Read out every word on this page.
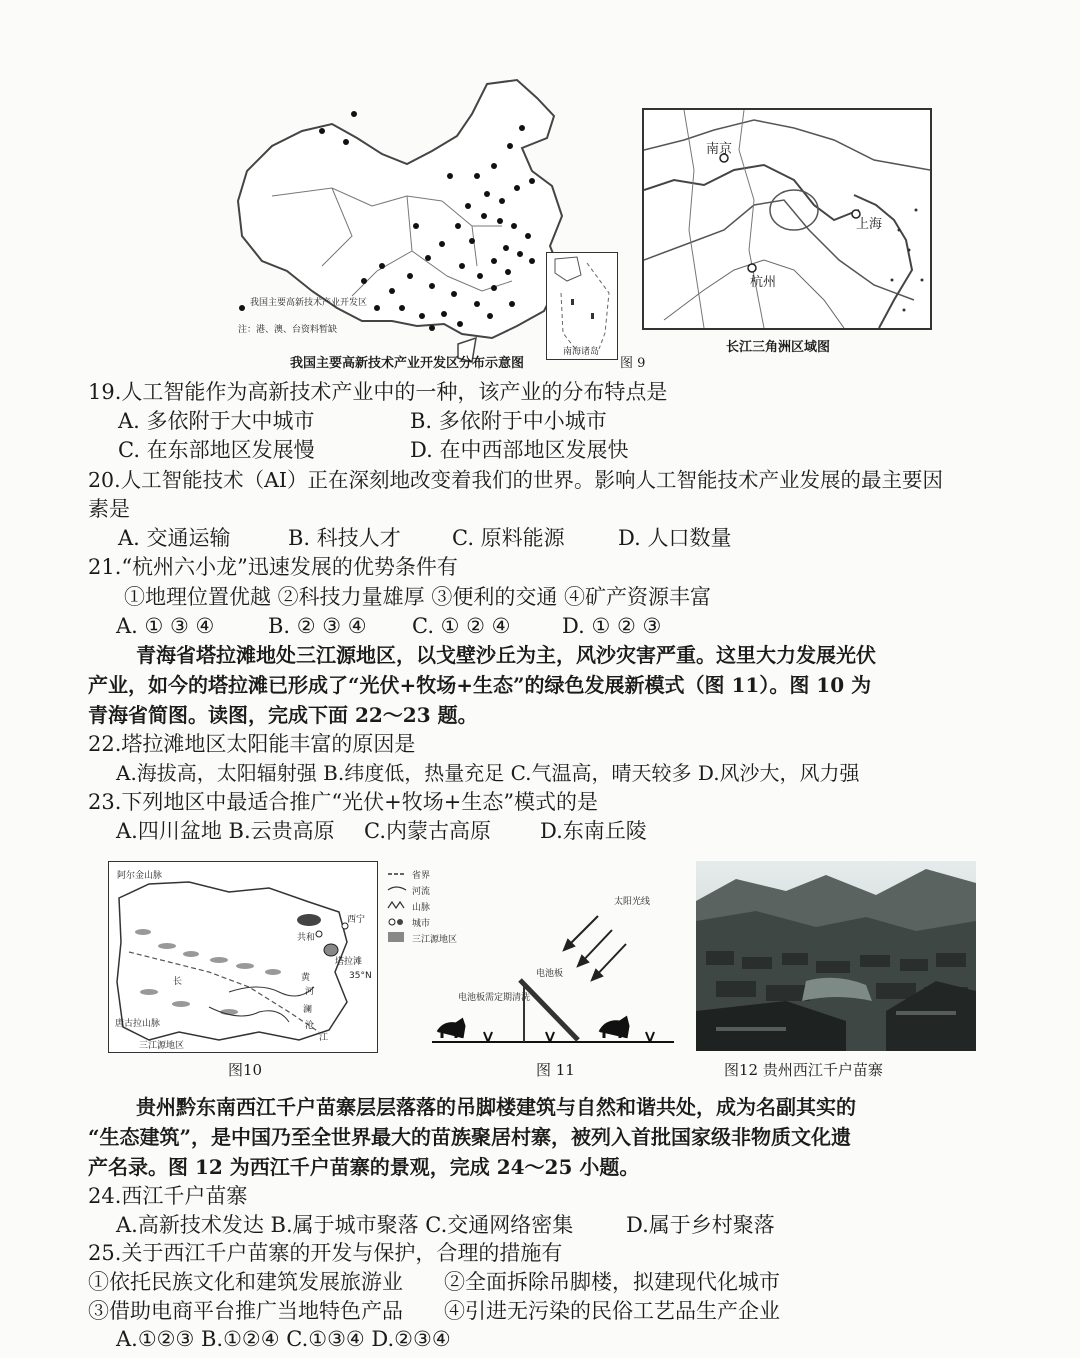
我国主要高新技术产业开发区
注：港、澳、台资料暂缺
南海诸岛
我国主要高新技术产业开发区分布示意图	图 9
南京
上海
杭州
长江三角洲区域图
19.人工智能作为高新技术产业中的一种，该产业的分布特点是
A. 多依附于大中城市	B. 多依附于中小城市
C. 在东部地区发展慢	D. 在中西部地区发展快
20.人工智能技术（AI）正在深刻地改变着我们的世界。影响人工智能技术产业发展的最主要因
素是
A. 交通运输	B. 科技人才 C. 原料能源	D. 人口数量
21.“杭州六小龙”迅速发展的优势条件有
①地理位置优越 ②科技力量雄厚 ③便利的交通 ④矿产资源丰富
A. ① ③ ④	B. ② ③ ④ C. ① ② ④ D. ① ② ③
青海省塔拉滩地处三江源地区，以戈壁沙丘为主，风沙灾害严重。这里大力发展光伏
产业，如今的塔拉滩已形成了“光伏+牧场+生态”的绿色发展新模式（图 11）。图 10 为
青海省简图。读图，完成下面 22～23 题。
22.塔拉滩地区太阳能丰富的原因是
A.海拔高，太阳辐射强 B.纬度低，热量充足 C.气温高，晴天较多 D.风沙大，风力强
23.下列地区中最适合推广“光伏+牧场+生态”模式的是
A.四川盆地 B.云贵高原 C.内蒙古高原 D.东南丘陵
阿尔金山脉
共和
西宁
塔拉滩
35°N
唐古拉山脉
三江源地区
长	黄
河
澜
沧
江
省界
河流
山脉
城市
三江源地区
太阳光线
电池板
电池板需定期清洗
图10	图 11	图12 贵州西江千户苗寨
贵州黔东南西江千户苗寨层层落落的吊脚楼建筑与自然和谐共处，成为名副其实的
“生态建筑”，是中国乃至全世界最大的苗族聚居村寨，被列入首批国家级非物质文化遗
产名录。图 12 为西江千户苗寨的景观，完成 24～25 小题。
24.西江千户苗寨
A.高新技术发达 B.属于城市聚落 C.交通网络密集	D.属于乡村聚落
25.关于西江千户苗寨的开发与保护，合理的措施有
①依托民族文化和建筑发展旅游业 ②全面拆除吊脚楼，拟建现代化城市
③借助电商平台推广当地特色产品 ④引进无污染的民俗工艺品生产企业
A.①②③ B.①②④ C.①③④ D.②③④
